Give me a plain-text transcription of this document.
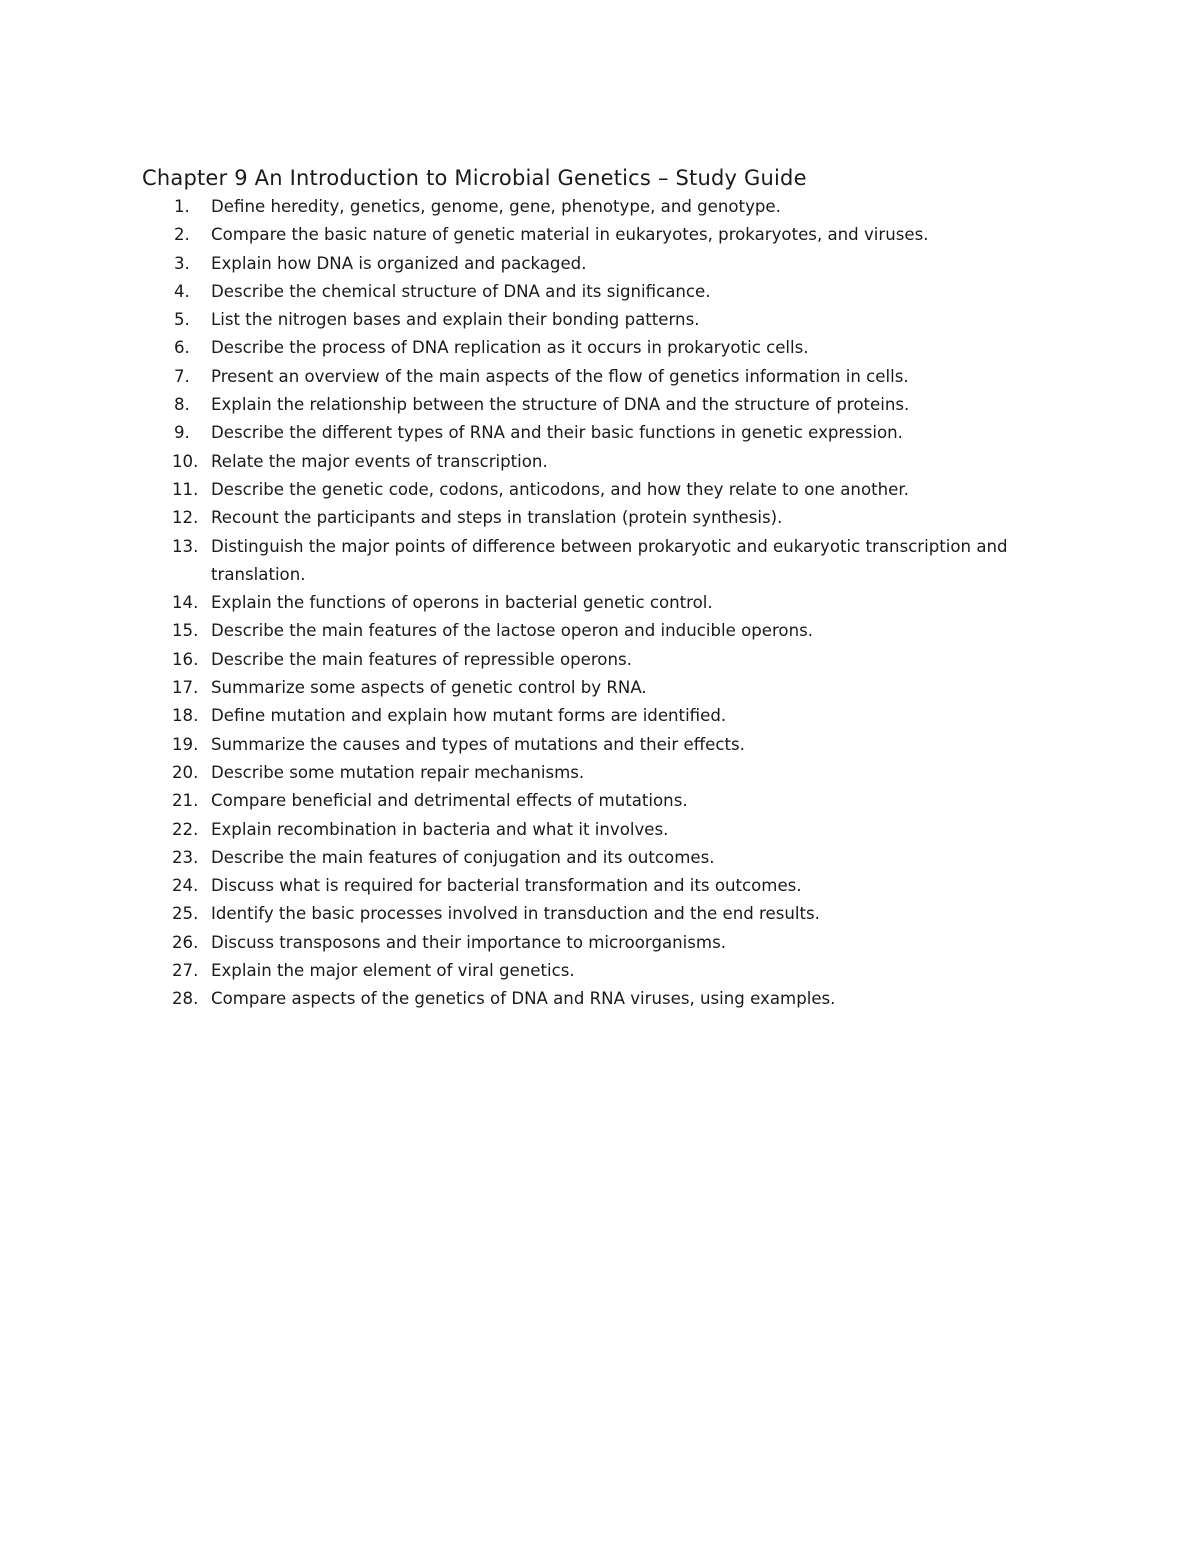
Chapter 9 An Introduction to Microbial Genetics – Study Guide
1. Define heredity, genetics, genome, gene, phenotype, and genotype.
2. Compare the basic nature of genetic material in eukaryotes, prokaryotes, and viruses.
3. Explain how DNA is organized and packaged.
4. Describe the chemical structure of DNA and its significance.
5. List the nitrogen bases and explain their bonding patterns.
6. Describe the process of DNA replication as it occurs in prokaryotic cells.
7. Present an overview of the main aspects of the flow of genetics information in cells.
8. Explain the relationship between the structure of DNA and the structure of proteins.
9. Describe the different types of RNA and their basic functions in genetic expression.
10. Relate the major events of transcription.
11. Describe the genetic code, codons, anticodons, and how they relate to one another.
12. Recount the participants and steps in translation (protein synthesis).
13. Distinguish the major points of difference between prokaryotic and eukaryotic transcription and translation.
14. Explain the functions of operons in bacterial genetic control.
15. Describe the main features of the lactose operon and inducible operons.
16. Describe the main features of repressible operons.
17. Summarize some aspects of genetic control by RNA.
18. Define mutation and explain how mutant forms are identified.
19. Summarize the causes and types of mutations and their effects.
20. Describe some mutation repair mechanisms.
21. Compare beneficial and detrimental effects of mutations.
22. Explain recombination in bacteria and what it involves.
23. Describe the main features of conjugation and its outcomes.
24. Discuss what is required for bacterial transformation and its outcomes.
25. Identify the basic processes involved in transduction and the end results.
26. Discuss transposons and their importance to microorganisms.
27. Explain the major element of viral genetics.
28. Compare aspects of the genetics of DNA and RNA viruses, using examples.
